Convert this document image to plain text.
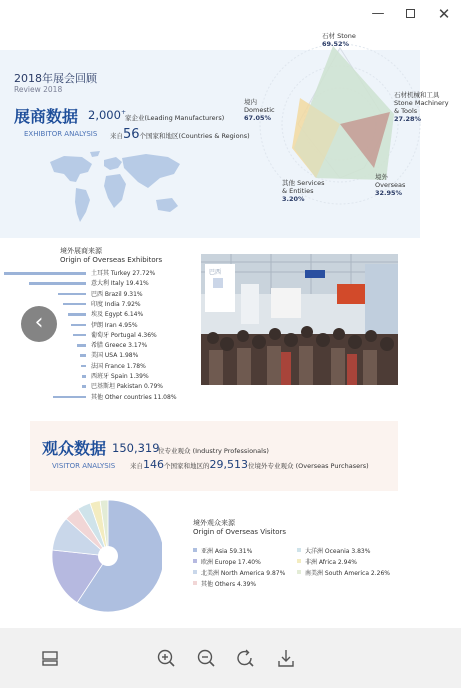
—	✕
2018年展会回顾
Review 2018
展商数据 2,000+
家企业(Leading Manufacturers)
EXHIBITOR ANALYSIS 来自56个国家和地区(Countries & Regions)
石材 Stone
69.52%
石材机械和工具
Stone Machinery
& Tools
27.28%
境外
Overseas
32.95%
其他 Services
& Entities
3.20%
境内
Domestic
67.05%
境外展商来源
Origin of Overseas Exhibitors
土耳其 Turkey 27.72%
意大利 Italy 19.41%
巴西 Brazil 9.31%
印度 India 7.92%
埃及 Egypt 6.14%
伊朗 Iran 4.95%
葡萄牙 Portugal 4.36%
希腊 Greece 3.17%
美国 USA 1.98%
法国 France 1.78%
西班牙 Spain 1.39%
巴基斯坦 Pakistan 0.79%
其他 Other countries 11.08%
‹
巴西
观众数据 150,319
位专业观众 (Industry Professionals)
VISITOR ANALYSIS 来自146个国家和地区的29,513位境外专业观众 (Overseas Purchasers)
境外观众来源
Origin of Overseas Visitors
亚洲 Asia 59.31%
欧洲 Europe 17.40%
北美洲 North America 9.87%
其他 Others 4.39%
大洋洲 Oceania 3.83%
非洲 Africa 2.94%
南美洲 South America 2.26%
